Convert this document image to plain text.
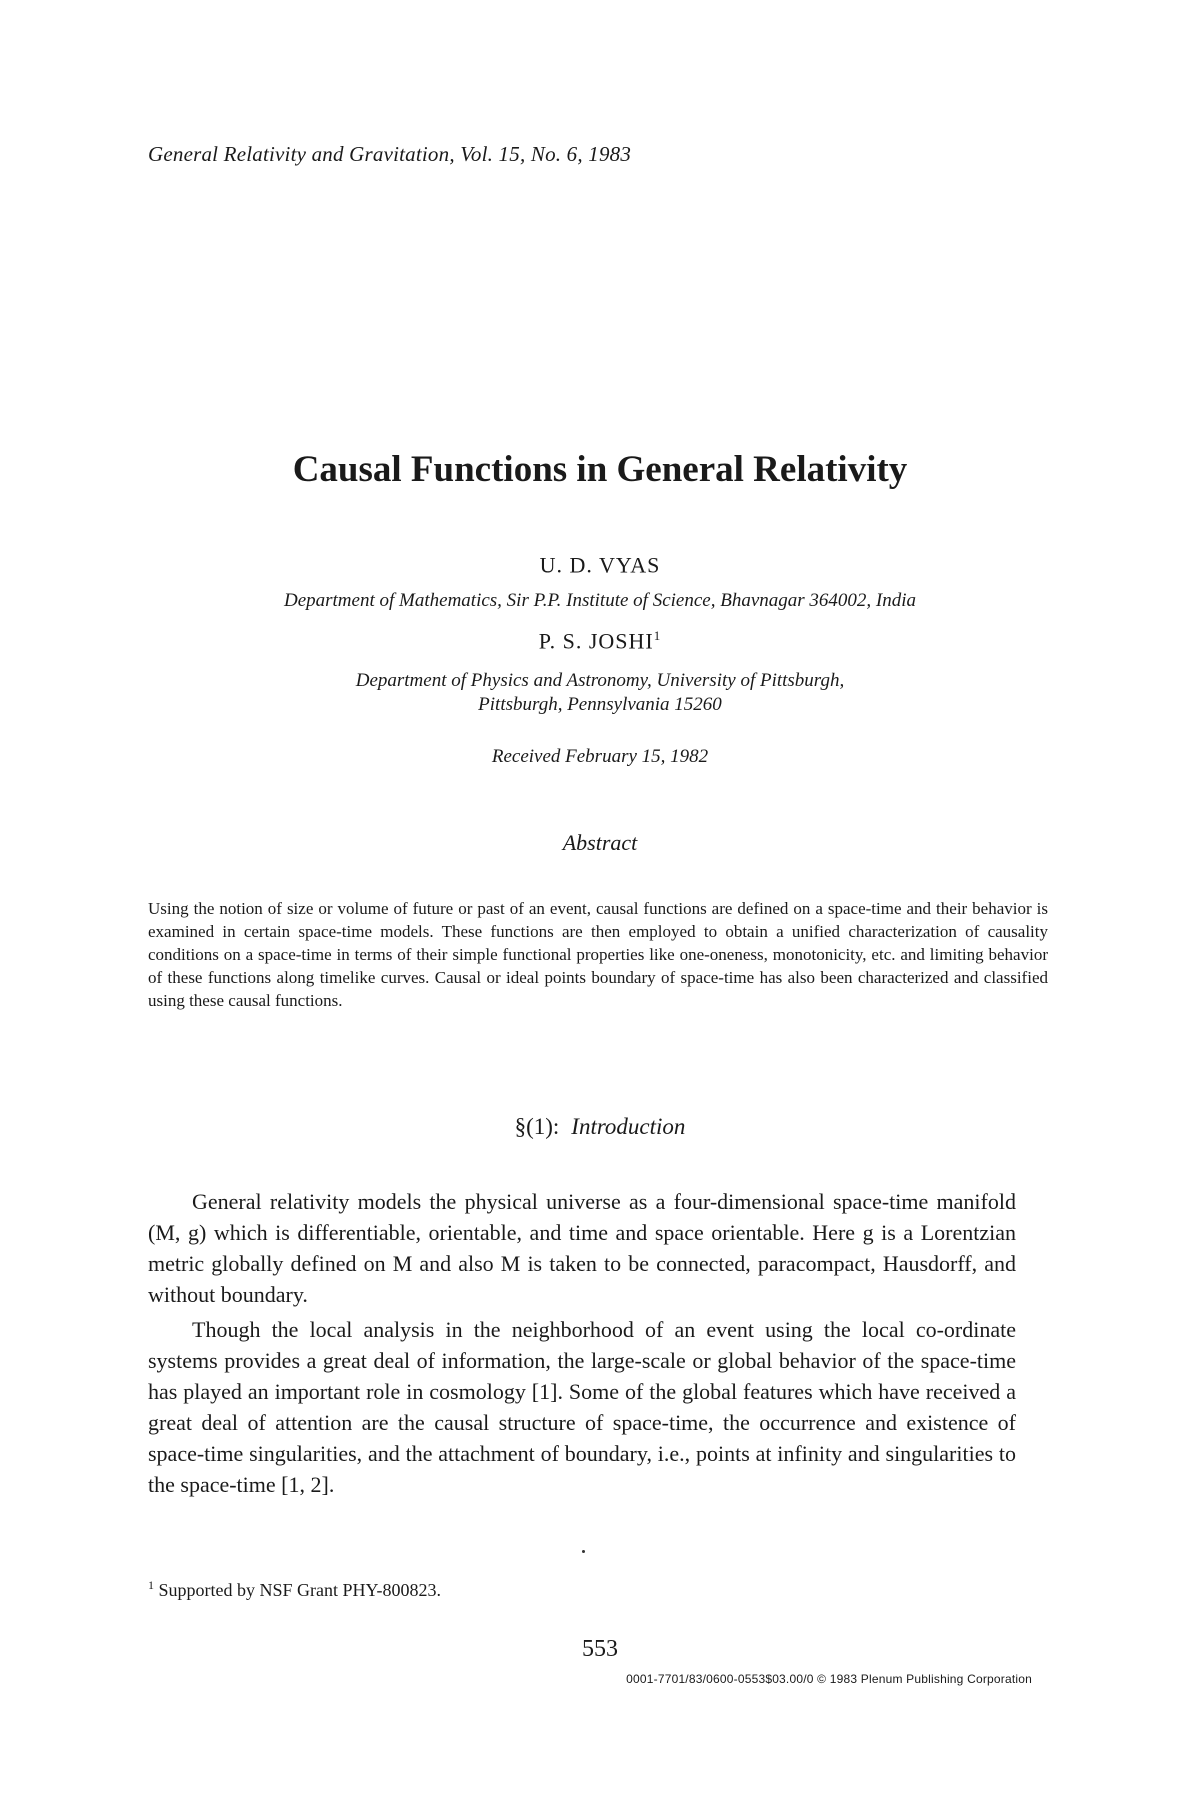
General Relativity and Gravitation, Vol. 15, No. 6, 1983
Causal Functions in General Relativity
U. D. VYAS
Department of Mathematics, Sir P.P. Institute of Science, Bhavnagar 364002, India
P. S. JOSHI$^1$
Department of Physics and Astronomy, University of Pittsburgh,
Pittsburgh, Pennsylvania 15260
Received February 15, 1982
Abstract
Using the notion of size or volume of future or past of an event, causal functions are defined on a space-time and their behavior is examined in certain space-time models. These functions are then employed to obtain a unified characterization of causality conditions on a space-time in terms of their simple functional properties like one-oneness, monotonicity, etc. and limiting behavior of these functions along timelike curves. Causal or ideal points boundary of space-time has also been characterized and classified using these causal functions.
§(1): Introduction
General relativity models the physical universe as a four-dimensional space-time manifold (M, g) which is differentiable, orientable, and time and space orientable. Here g is a Lorentzian metric globally defined on M and also M is taken to be connected, paracompact, Hausdorff, and without boundary.
Though the local analysis in the neighborhood of an event using the local co-ordinate systems provides a great deal of information, the large-scale or global behavior of the space-time has played an important role in cosmology [1]. Some of the global features which have received a great deal of attention are the causal structure of space-time, the occurrence and existence of space-time singularities, and the attachment of boundary, i.e., points at infinity and singularities to the space-time [1, 2].
$^1$ Supported by NSF Grant PHY-800823.
553
0001-7701/83/0600-0553$03.00/0 © 1983 Plenum Publishing Corporation
